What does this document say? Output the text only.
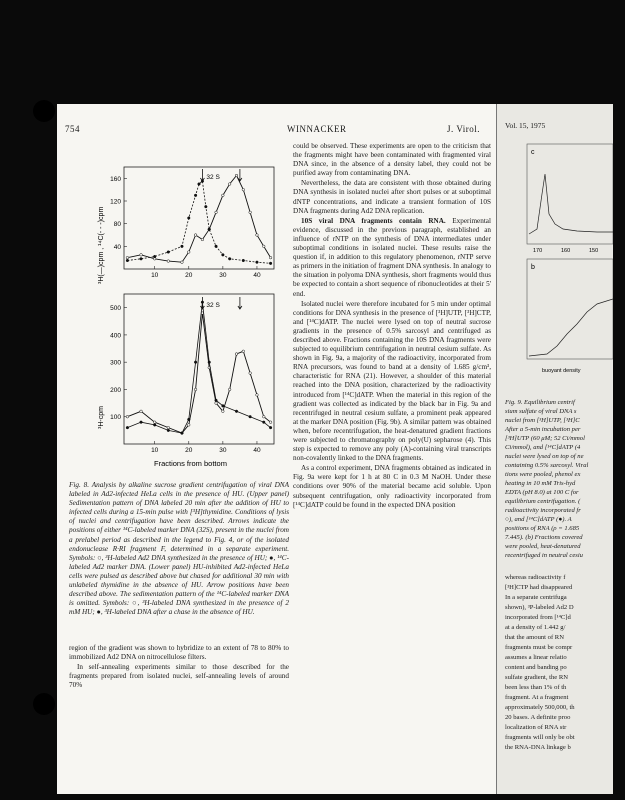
754	WINNACKER	J. Virol.
³H(—)cpm , ¹⁴C(- - -)cpm
³H-cpm
160
120
80
40
10	20	30	40
32 S
500
400
300
200
100
10	20	30	40
32 S
Fractions from bottom
Fig. 8. Analysis by alkaline sucrose gradient centrifugation of viral DNA labeled in Ad2-infected HeLa cells in the presence of HU. (Upper panel) Sedimentation pattern of DNA labeled 20 min after the addition of HU to infected cells during a 15-min pulse with [³H]thymidine. Conditions of lysis of nuclei and centrifugation have been described. Arrows indicate the positions of either ¹⁴C-labeled marker DNA (32S), present in the nuclei from a prelabel period as described in the legend to Fig. 4, or of the isolated endonuclease R·RI fragment F, determined in a separate experiment. Symbols: ○, ³H-labeled Ad2 DNA synthesized in the presence of HU; ●, ¹⁴C-labeled Ad2 marker DNA. (Lower panel) HU-inhibited Ad2-infected HeLa cells were pulsed as described above but chased for additional 30 min with unlabeled thymidine in the absence of HU. Arrow positions have been described above. The sedimentation pattern of the ¹⁴C-labeled marker DNA is omitted. Symbols: ○, ³H-labeled DNA synthesized in the presence of 2 mM HU; ●, ³H-labeled DNA after a chase in the absence of HU.

region of the gradient was shown to hybridize to an extent of 78 to 80% to immobilized Ad2 DNA on nitrocellulose filters.

In self-annealing experiments similar to those described for the fragments prepared from isolated nuclei, self-annealing levels of around 70%

could be observed. These experiments are open to the criticism that the fragments might have been contaminated with fragmented viral DNA since, in the absence of a density label, they could not be purified away from contaminating DNA.

Nevertheless, the data are consistent with those obtained during DNA synthesis in isolated nuclei after short pulses or at suboptimal dNTP concentrations, and indicate a transient formation of 10S DNA fragments during Ad2 DNA replication.

10S viral DNA fragments contain RNA. Experimental evidence, discussed in the previous paragraph, established an influence of rNTP on the synthesis of DNA intermediates under suboptimal conditions in isolated nuclei. These results raise the question if, in addition to this regulatory phenomenon, rNTP serve as primers in the initiation of fragment DNA synthesis. In analogy to the situation in polyoma DNA synthesis, short fragments would thus be expected to contain a short sequence of ribonucleotides at their 5' end.

Isolated nuclei were therefore incubated for 5 min under optimal conditions for DNA synthesis in the presence of [³H]UTP, [³H]CTP, and [¹⁴C]dATP. The nuclei were lysed on top of neutral sucrose gradients in the presence of 0.5% sarcosyl and centrifuged as described above. Fractions containing the 10S DNA fragments were subjected to equilibrium centrifugation in neutral cesium sulfate. As shown in Fig. 9a, a majority of the radioactivity, incorporated from RNA precursors, was found to band at a density of 1.685 g/cm³, characteristic for RNA (21). However, a shoulder of this material reached into the DNA position, characterized by the radioactivity introduced from [¹⁴C]dATP. When the material in this region of the gradient was collected as indicated by the black bar in Fig. 9a and recentrifuged in neutral cesium sulfate, a prominent peak appeared at the marker DNA position (Fig. 9b). A similar pattern was obtained when, before recentrifugation, the heat-denatured gradient fractions were subjected to chromatography on poly(U) sepharose (4). This step is expected to remove any poly (A)-containing viral transcripts non-covalently linked to the DNA fragments.

As a control experiment, DNA fragments obtained as indicated in Fig. 9a were kept for 1 h at 80 C in 0.3 M NaOH. Under these conditions over 90% of the material became acid soluble. Upon subsequent centrifugation, only radioactivity incorporated from [¹⁴C]dATP could be found in the expected DNA position

Vol. 15, 1975
c
170	160	150
b
buoyant density
Fig. 9. Equilibrium centrif
sium sulfate of viral DNA s
nuclei from [³H]UTP, [³H]C
After a 5-min incubation per
[³H]UTP (60 μM; 52 Ci/mmol
Ci/mmol), and [¹⁴C]dATP (4
nuclei were lysed on top of ne
containing 0.5% sarcosyl. Viral
tions were pooled, phenol ex
heating in 10 mM Tris-hyd
EDTA (pH 8.0) at 100 C for
equilibrium centrifugation. (
radioactivity incorporated fr
○), and [¹⁴C]dATP (●). A
positions of RNA (ρ = 1.685
7.445). (b) Fractions covered
were pooled, heat-denatured
recentrifuged in neutral cesiu
whereas radioactivity f
[³H]CTP had disappeared
In a separate centrifuga
shown), ³P-labeled Ad2 D
incorporated from [¹⁴C]d
at a density of 1.442 g/
that the amount of RN
fragments must be compr
assumes a linear relatio
content and banding po
sulfate gradient, the RN
been less than 1% of th
fragment. At a fragment
approximately 500,000, th
20 bases. A definite proo
localization of RNA str
fragments will only be obt
the RNA-DNA linkage b
